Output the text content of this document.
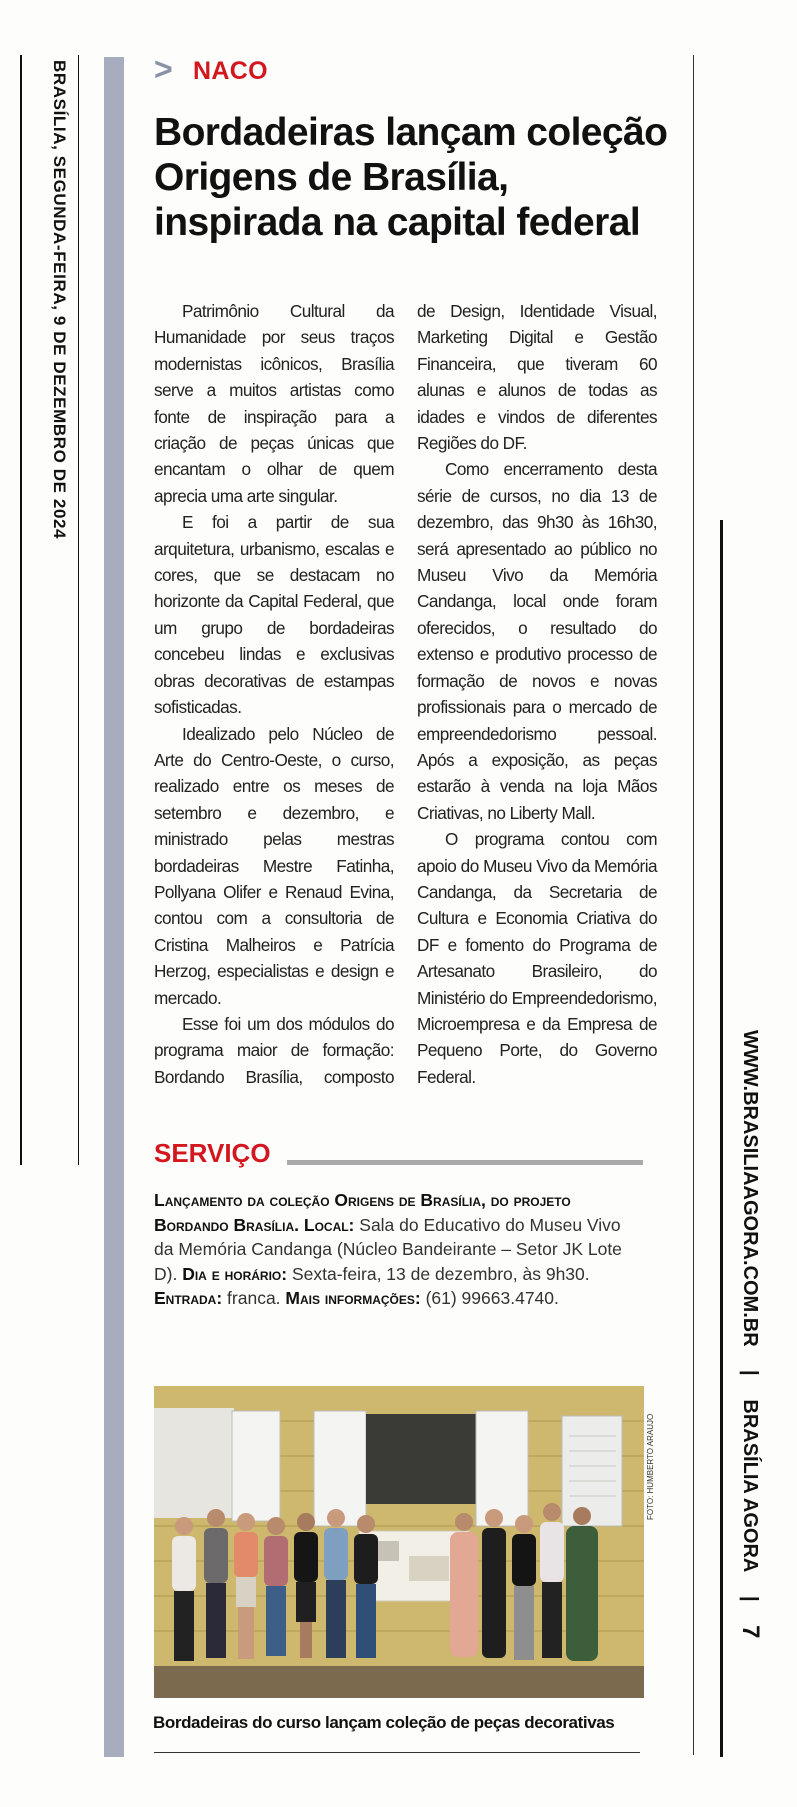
BRASÍLIA, SEGUNDA-FEIRA, 9 DE DEZEMBRO DE 2024
WWW.BRASILIAAGORA.COM.BR | BRASÍLIA AGORA | 7
> NACO
Bordadeiras lançam coleção Origens de Brasília, inspirada na capital federal

Patrimônio Cultural da Humanidade por seus traços modernistas icônicos, Brasília serve a muitos artistas como fonte de inspiração para a criação de peças únicas que encantam o olhar de quem aprecia uma arte singular.

E foi a partir de sua arquitetura, urbanismo, escalas e cores, que se destacam no horizonte da Capital Federal, que um grupo de bordadeiras concebeu lindas e exclusivas obras decorativas de estampas sofisticadas.

Idealizado pelo Núcleo de Arte do Centro-Oeste, o curso, realizado entre os meses de setembro e dezembro, e ministrado pelas mestras bordadeiras Mestre Fatinha, Pollyana Olifer e Renaud Evina, contou com a consultoria de Cristina Malheiros e Patrícia Herzog, especialistas e design e mercado.

Esse foi um dos módulos do programa maior de formação: Bordando Brasília, composto

de Design, Identidade Visual, Marketing Digital e Gestão Financeira, que tiveram 60 alunas e alunos de todas as idades e vindos de diferentes Regiões do DF.

Como encerramento desta série de cursos, no dia 13 de dezembro, das 9h30 às 16h30, será apresentado ao público no Museu Vivo da Memória Candanga, local onde foram oferecidos, o resultado do extenso e produtivo processo de formação de novos e novas profissionais para o mercado de empreendedorismo pessoal. Após a exposição, as peças estarão à venda na loja Mãos Criativas, no Liberty Mall.

O programa contou com apoio do Museu Vivo da Memória Candanga, da Secretaria de Cultura e Economia Criativa do DF e fomento do Programa de Artesanato Brasileiro, do Ministério do Empreendedorismo, Microempresa e da Empresa de Pequeno Porte, do Governo Federal.

SERVIÇO
Lançamento da coleção Origens de Brasília, do projeto Bordando Brasília. Local: Sala do Educativo do Museu Vivo da Memória Candanga (Núcleo Bandeirante – Setor JK Lote D). Dia e horário: Sexta-feira, 13 de dezembro, às 9h30. Entrada: franca. Mais informações: (61) 99663.4740.
FOTO: HUMBERTO ARAUJO
Bordadeiras do curso lançam coleção de peças decorativas
